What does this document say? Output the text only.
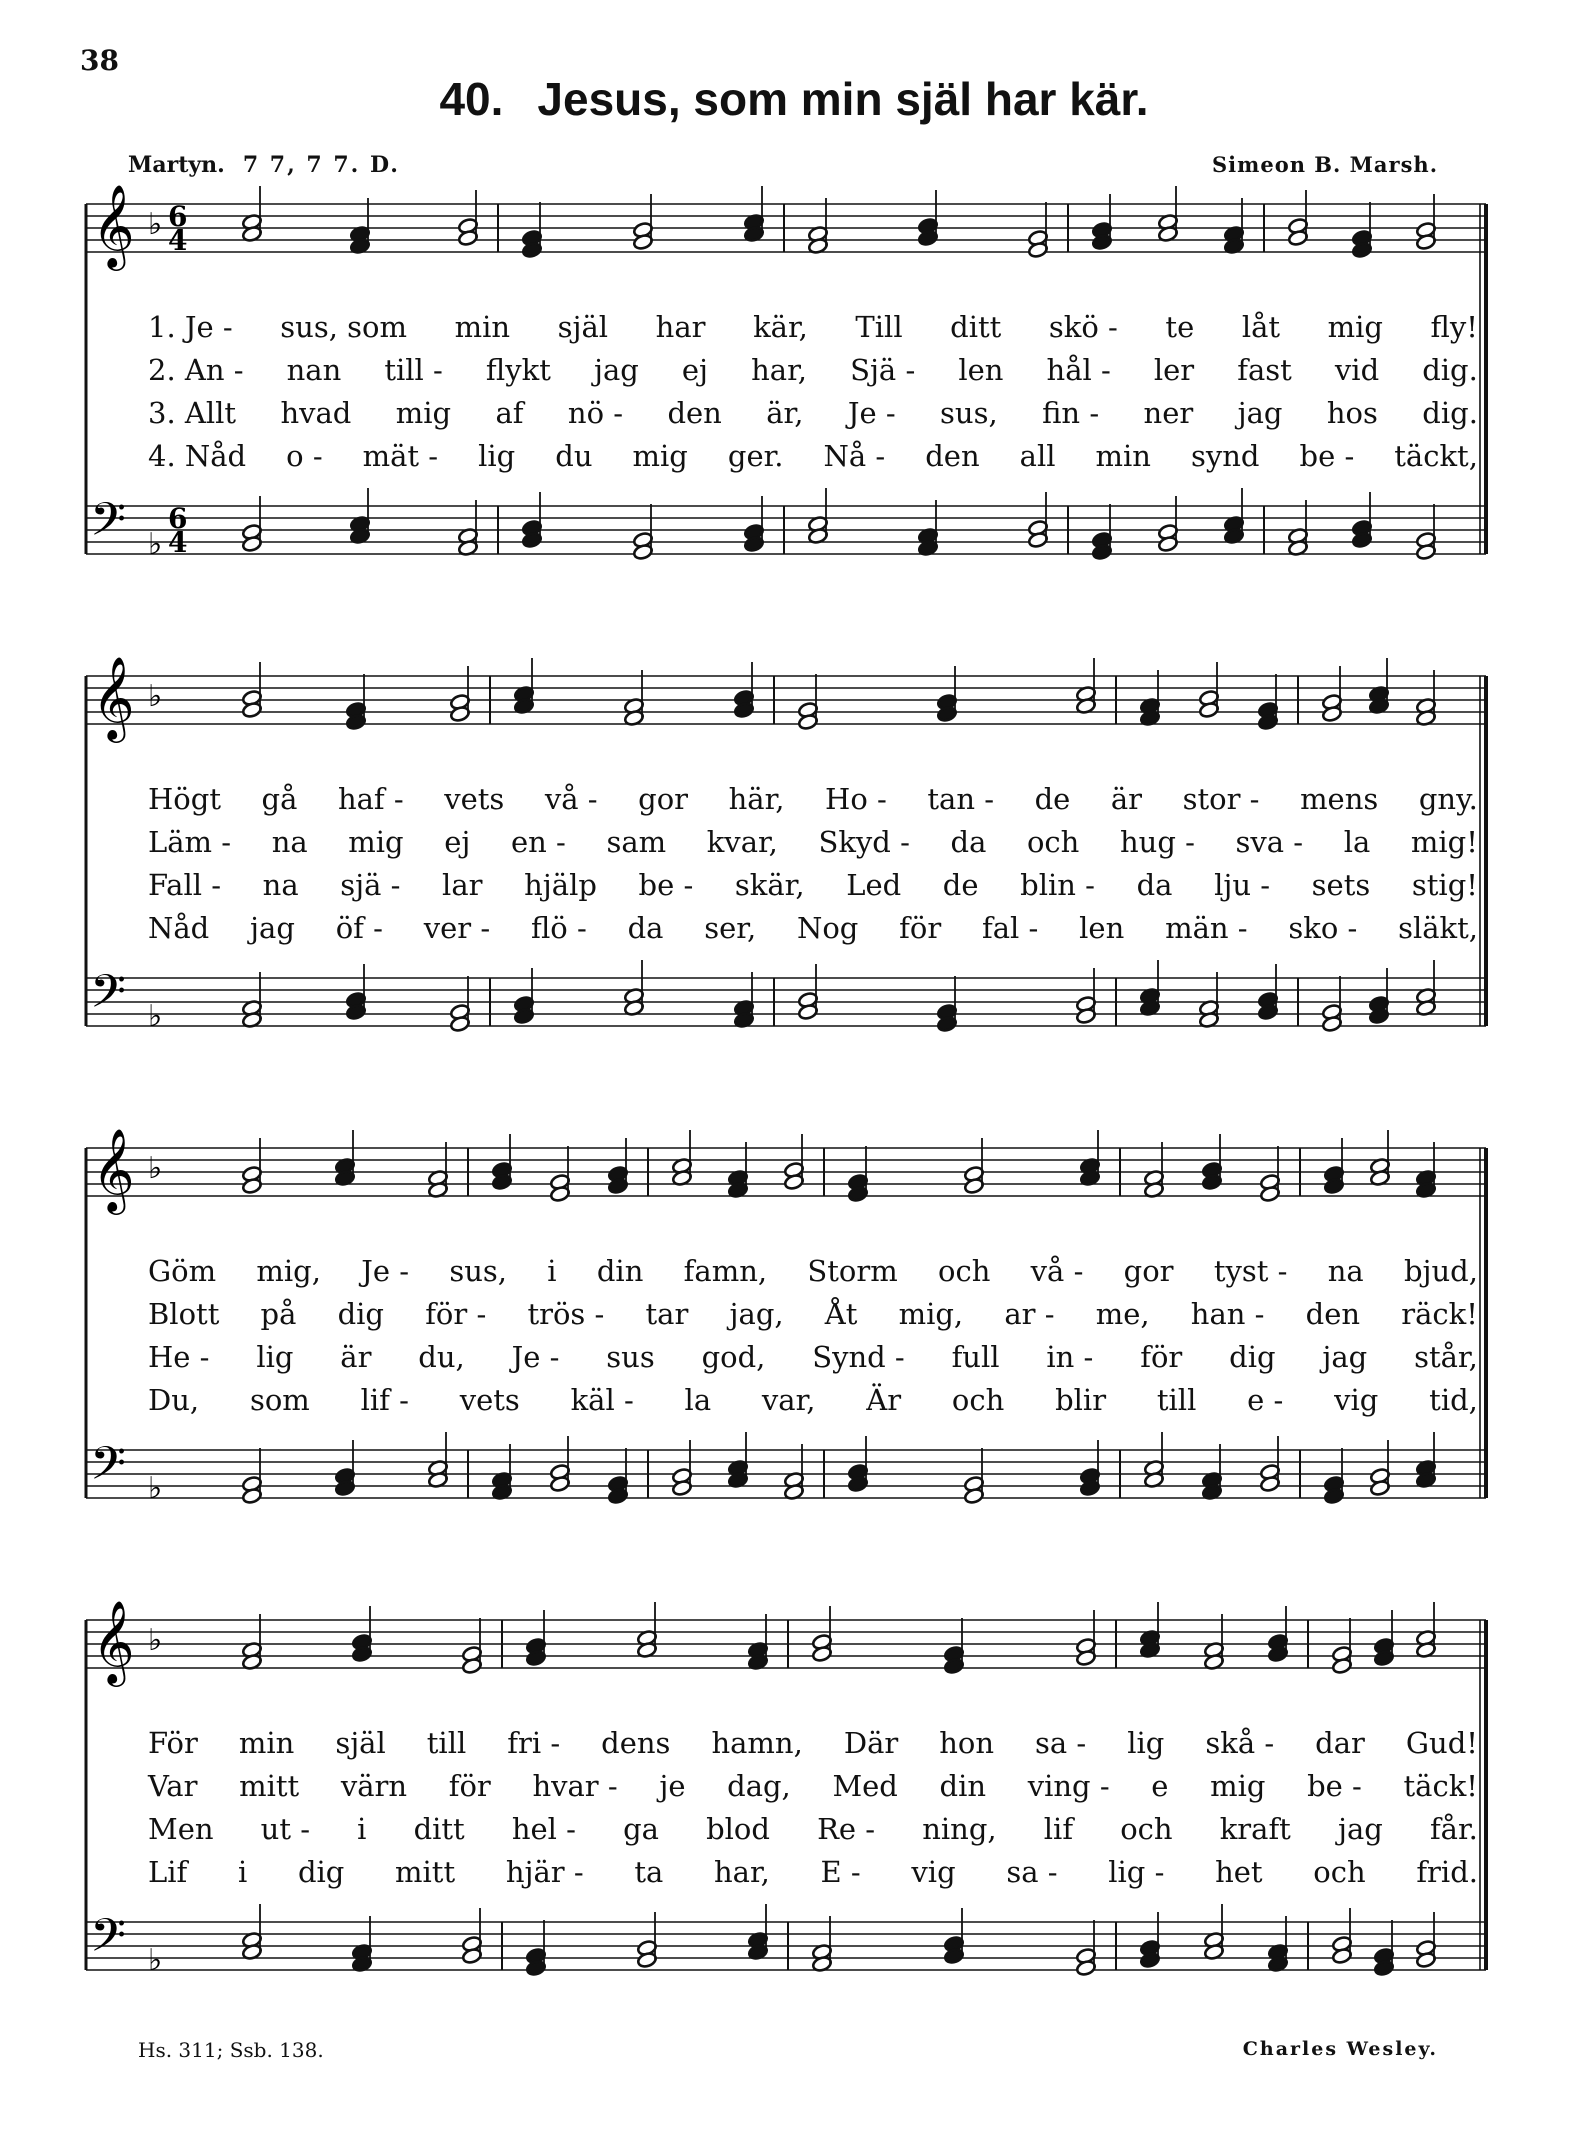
38
40. Jesus, som min själ har kär.
Martyn. 7 7, 7 7. D.	Simeon B. Marsh.
𝄞
𝄢
♭
♭
6
4
6
4
1. Je - sus, som min själ har kär, Till ditt skö - te låt mig fly!
2. An - nan till - flykt jag ej har, Sjä - len hål - ler fast vid dig.
3. Allt hvad mig af nö - den är, Je - sus, fin - ner jag hos dig.
4. Nåd o - mät - lig du mig ger. Nå - den all min synd be - täckt,
𝄞
𝄢
♭
♭
Högt gå haf - vets vå - gor här, Ho - tan - de är stor - mens gny.
Läm - na mig ej en - sam kvar, Skyd - da och hug - sva - la mig!
Fall - na sjä - lar hjälp be - skär, Led de blin - da lju - sets stig!
Nåd jag öf - ver - flö - da ser, Nog för fal - len män - sko - släkt,
𝄞
𝄢
♭
♭
Göm mig, Je - sus, i din famn, Storm och vå - gor tyst - na bjud,
Blott på dig för - trös - tar jag, Åt mig, ar - me, han - den räck!
He - lig är du, Je - sus god, Synd - full in - för dig jag står,
Du, som lif - vets käl - la var, Är och blir till e - vig tid,
𝄞
𝄢
♭
♭
För min själ till fri - dens hamn, Där hon sa - lig skå - dar Gud!
Var mitt värn för hvar - je dag, Med din ving - e mig be - täck!
Men ut - i ditt hel - ga blod Re - ning, lif och kraft jag får.
Lif i dig mitt hjär - ta har, E - vig sa - lig - het och frid.
Hs. 311; Ssb. 138.	Charles Wesley.
